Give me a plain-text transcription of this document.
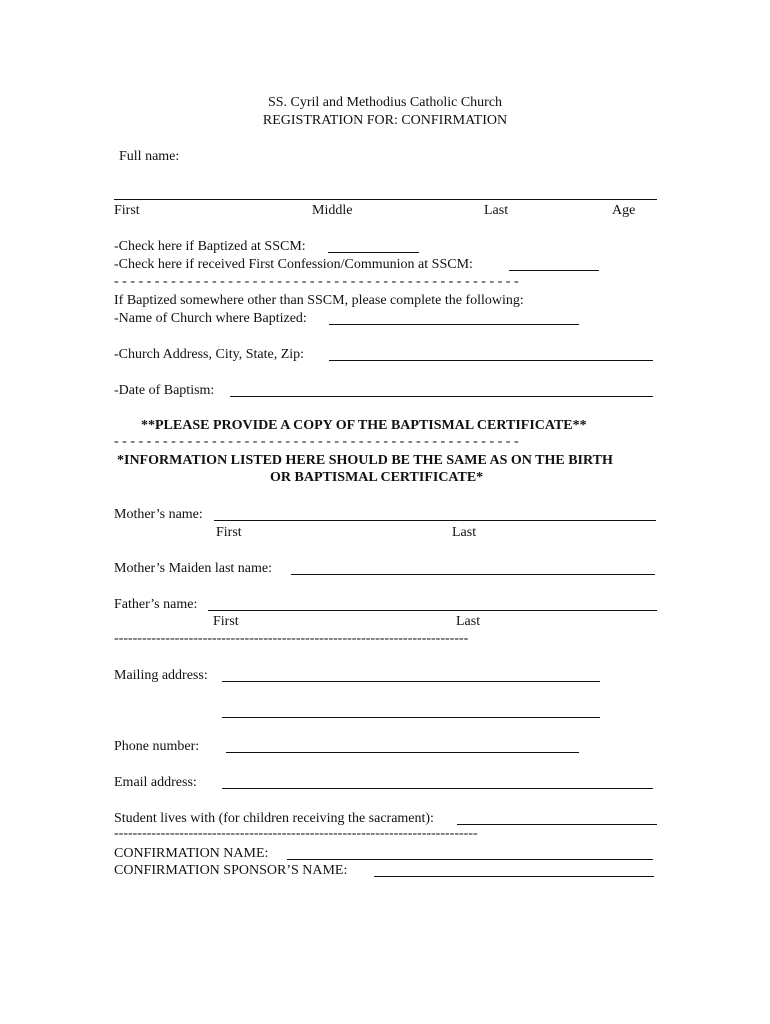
SS. Cyril and Methodius Catholic Church
REGISTRATION FOR: CONFIRMATION
Full name:
First	Middle	Last	Age
-Check here if Baptized at SSCM:
-Check here if received First Confession/Communion at SSCM:
- - - - - - - - - - - - - - - - - - - - - - - - - - - - - - - - - - - - - - - - - - - - - - - - - -
If Baptized somewhere other than SSCM, please complete the following:
-Name of Church where Baptized:
-Church Address, City, State, Zip:
-Date of Baptism:
**PLEASE PROVIDE A COPY OF THE BAPTISMAL CERTIFICATE**
- - - - - - - - - - - - - - - - - - - - - - - - - - - - - - - - - - - - - - - - - - - - - - - - - -
*INFORMATION LISTED HERE SHOULD BE THE SAME AS ON THE BIRTH
OR BAPTISMAL CERTIFICATE*
Mother’s name:
First	Last
Mother’s Maiden last name:
Father’s name:
First	Last
----------------------------------------------------------------------------
Mailing address:
Phone number:
Email address:
Student lives with (for children receiving the sacrament):
------------------------------------------------------------------------------
CONFIRMATION NAME:
CONFIRMATION SPONSOR’S NAME:
